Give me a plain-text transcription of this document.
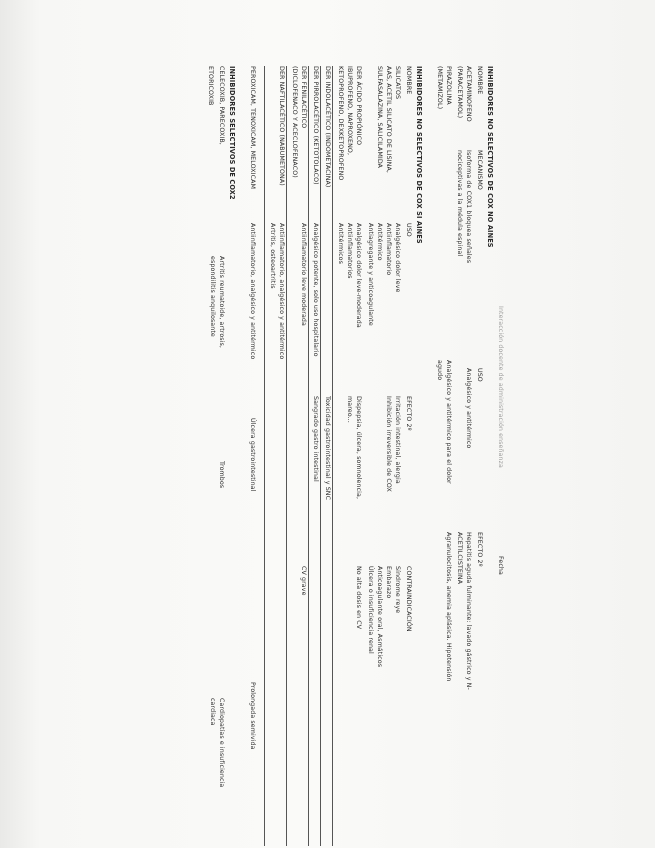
Interacción docente de administración enseñanza
Fecha
INHIBIDORES NO SELECTIVOS DE COX NO AINES
NOMBRE
MECANISMO
USO
EFECTO 2º
ACETAMINOFENO
(PARACETAMOL)
Isoforma de COX1 bloquea señales
nociceptivas a la médula espinal
Analgésico y antitérmico
Hepatitis aguda fulminante: lavado gástrico y N-
ACETILCISTEINA
PIRAZOLINA
(METAMIZOL)
Analgésico y antitérmico para el dolor
agudo
Agranulocitosis, anemia aplásica. Hipotensión
INHIBIDORES NO SELECTIVOS DE COX SI AINES
NOMBRE
USO
EFECTO 2º
CONTRAINDICACIÓN
SILICATOS
Analgésico dolor leve
Irritación intestinal, alergia
Síndrome reye
AAS, ACETIL SILICATO DE LISINA,
Antiinflamatorio
Inhibición irreversible de COX
Embarazo
SULFASALAZINA, SALICILAMIDA
Antitérmico
Anticoagulante oral, Asmáticos
Antiagregante y anticoagulante
Úlcera o insuficiencia renal
DER ÁCIDO PROPIÓNICO
Analgésico dolor leve-moderada
Dispepsia, úlcera, somnolencia,
No alta dosis en CV
IBUPROFENO, NAPROXENO,
Antiinflamatorios
mareo...
KETOPROFENO, DEXKETOPROFENO
Antitérmicos
DER INDOLACÉTICO (INDOMETACINA)
Toxicidad gastrointestinal y SNC
DER PIRROLACÉTICO (KETOTOLACO)
Analgésico potente, solo uso hospitalario
Sangrado gastro intestinal
DER FENILACÉTICO
Antiinflamatorio leve moderada
CV grave
(DICLOFENACO Y ACECLOFENACO)
DER NAFTILACÉTICO (NABUMETONA)
Antiinflamatorio, analgésico y antitérmico
Artritis, osteoartritis
PEROXICAM, TENOXICAM, MELOXICAM
Antiinflamatorio, analgésico y antitérmico
Úlcera gastrointestinal
Prolongada semivida
INHIBIDORES SELECTIVOS DE COX2
CELECOXIB, PARECOXIB,
Artritis reumatoide, artrosis,
espondilitis anquilosante
Trombos
Cardiopatías e insuficiencia
cardiaca
ETORICOXIB
